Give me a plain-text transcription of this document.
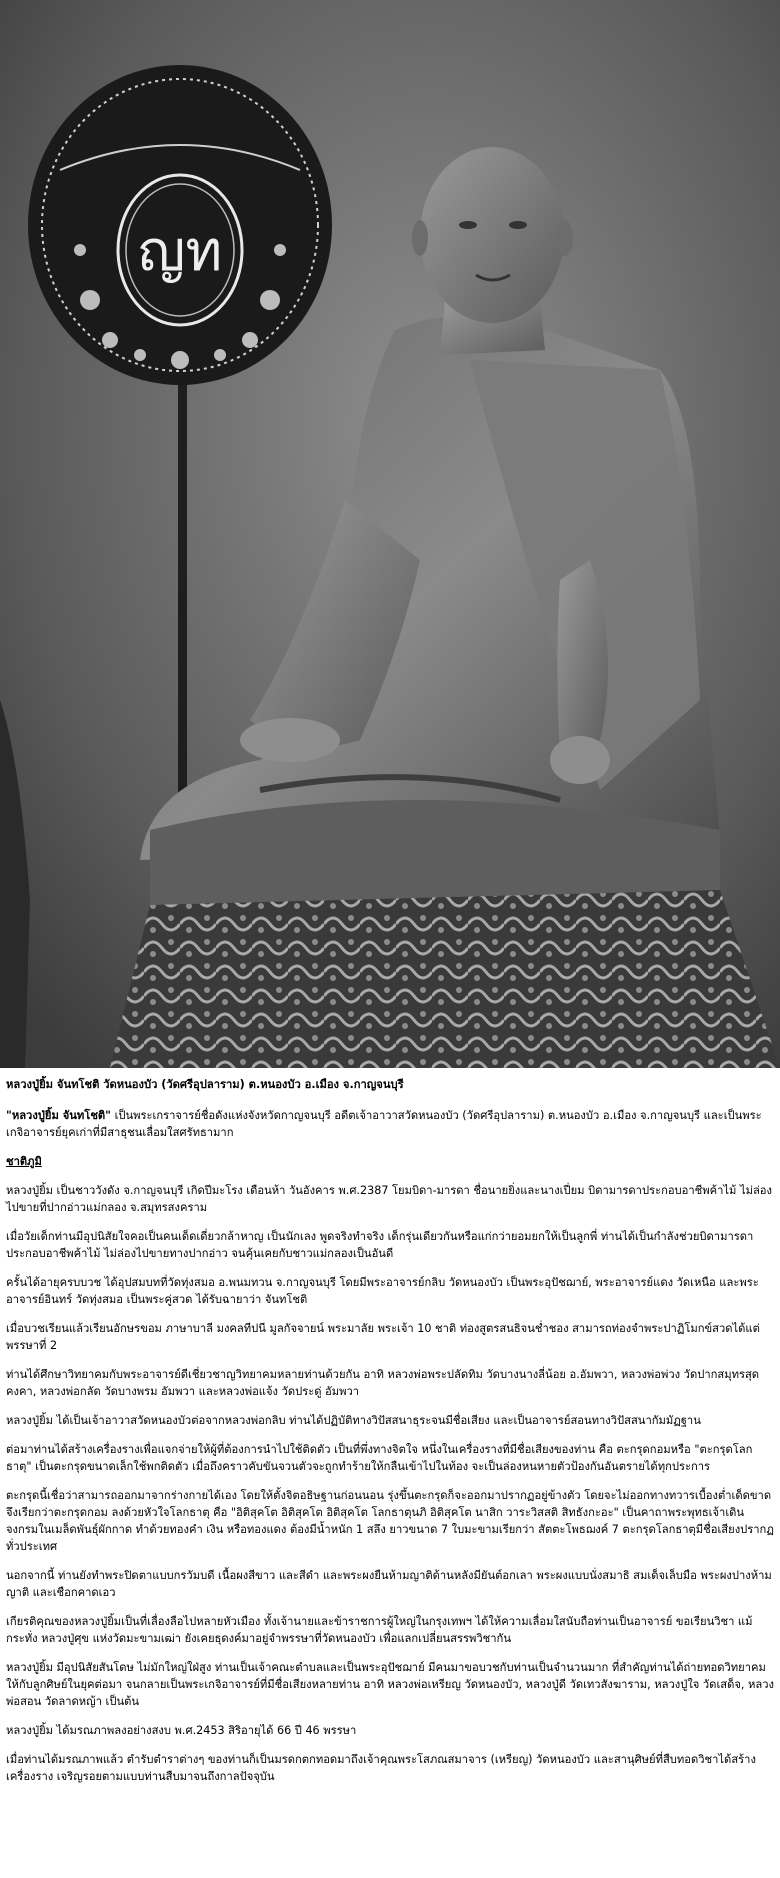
ญท

หลวงปู่ยิ้ม จันทโชติ วัดหนองบัว (วัดศรีอุปลาราม) ต.หนองบัว อ.เมือง จ.กาญจนบุรี

"หลวงปู่ยิ้ม จันทโชติ" เป็นพระเกราจารย์ชื่อดังแห่งจังหวัดกาญจนบุรี อดีตเจ้าอาวาสวัดหนองบัว (วัดศรีอุปลาราม) ต.หนองบัว อ.เมือง จ.กาญจนบุรี และเป็นพระเกจิอาจารย์ยุคเก่าที่มีสาธุชนเลื่อมใสศรัทธามาก

ชาติภูมิ

หลวงปู่ยิ้ม เป็นชาววังดัง จ.กาญจนบุรี เกิดปีมะโรง เดือนห้า วันอังคาร พ.ศ.2387 โยมบิดา-มารดา ชื่อนายยิ่งและนางเปี่ยม บิดามารดาประกอบอาชีพค้าไม้ ไม่ล่องไปขายที่ปากอ่าวแม่กลอง จ.สมุทรสงคราม

เมื่อวัยเด็กท่านมีอุปนิสัยใจคอเป็นคนเด็ดเดี่ยวกล้าหาญ เป็นนักเลง พูดจริงทำจริง เด็กรุ่นเดียวกันหรือแก่กว่ายอมยกให้เป็นลูกพี่ ท่านได้เป็นกำลังช่วยบิดามารดาประกอบอาชีพค้าไม้ ไม่ล่องไปขายทางปากอ่าว จนคุ้นเคยกับชาวแม่กลองเป็นอันดี

ครั้นได้อายุครบบวช ได้อุปสมบทที่วัดทุ่งสมอ อ.พนมทวน จ.กาญจนบุรี โดยมีพระอาจารย์กลิบ วัดหนองบัว เป็นพระอุปัชฌาย์, พระอาจารย์แดง วัดเหนือ และพระอาจารย์อินทร์ วัดทุ่งสมอ เป็นพระคู่สวด ได้รับฉายาว่า จันทโชติ

เมื่อบวชเรียนแล้วเรียนอักษรขอม ภาษาบาลี มงคลทีปนี มูลกัจจายน์ พระมาลัย พระเจ้า 10 ชาติ ท่องสูตรสนธิจนช่ำชอง สามารถท่องจำพระปาฏิโมกข์สวดได้แต่พรรษาที่ 2

ท่านได้ศึกษาวิทยาคมกับพระอาจารย์ดีเชี่ยวชาญวิทยาคมหลายท่านด้วยกัน อาทิ หลวงพ่อพระปลัดทิม วัดบางนางลี่น้อย อ.อัมพวา, หลวงพ่อพ่วง วัดปากสมุทรสุดคงคา, หลวงพ่อกลัด วัดบางพรม อัมพวา และหลวงพ่อแจ้ง วัดประดู่ อัมพวา

หลวงปู่ยิ้ม ได้เป็นเจ้าอาวาสวัดหนองบัวต่อจากหลวงพ่อกลิบ ท่านได้ปฏิบัติทางวิปัสสนาธุระจนมีชื่อเสียง และเป็นอาจารย์สอนทางวิปัสสนากัมมัฏฐาน

ต่อมาท่านได้สร้างเครื่องรางเพื่อแจกจ่ายให้ผู้ที่ต้องการนำไปใช้ติดตัว เป็นที่พึ่งทางจิตใจ หนึ่งในเครื่องรางที่มีชื่อเสียงของท่าน คือ ตะกรุดกอมหรือ "ตะกรุดโลกธาตุ" เป็นตะกรุดขนาดเล็กใช้พกติดตัว เมื่อถึงคราวคับขันจวนตัวจะถูกทำร้ายให้กลืนเข้าไปในท้อง จะเป็นล่องหนหายตัวป้องกันอันตรายได้ทุกประการ

ตะกรุดนี้เชื่อว่าสามารถออกมาจากร่างกายได้เอง โดยให้ตั้งจิตอธิษฐานก่อนนอน รุ่งขึ้นตะกรุดก็จะออกมาปรากฏอยู่ข้างตัว โดยจะไม่ออกทางทวารเบื้องต่ำเด็ดขาด จึงเรียกว่าตะกรุดกอม ลงด้วยหัวใจโลกธาตุ คือ "อิติสุคโต อิติสุคโต อิติสุคโต โลกธาตุนภิ อิติสุคโต นาสิก วาระวิสสติ สิทธังกะอะ" เป็นคาถาพระพุทธเจ้าเดินจงกรมในเมล็ดพันธุ์ผักกาด ทำด้วยทองคำ เงิน หรือทองแดง ต้องมีน้ำหนัก 1 สลึง ยาวขนาด 7 ใบมะขามเรียกว่า สัตตะโพธฌงค์ 7 ตะกรุดโลกธาตุมีชื่อเสียงปรากฏทั่วประเทศ

นอกจากนี้ ท่านยังทำพระปิดตาแบบกรวัมบดี เนื้อผงสีขาว และสีดำ และพระผงยืนห้ามญาติด้านหลังมียันต์อกเลา พระผงแบบนั่งสมาธิ สมเด็จเล็บมือ พระผงปางห้ามญาติ และเชือกคาดเอว

เกียรติคุณของหลวงปู่ยิ้มเป็นที่เลื่องลือไปหลายหัวเมือง ทั้งเจ้านายและข้าราชการผู้ใหญ่ในกรุงเทพฯ ได้ให้ความเลื่อมใสนับถือท่านเป็นอาจารย์ ขอเรียนวิชา แม้กระทั่ง หลวงปู่ศุข แห่งวัดมะขามเฒ่า ยังเคยธุดงค์มาอยู่จำพรรษาที่วัดหนองบัว เพื่อแลกเปลี่ยนสรรพวิชากัน

หลวงปู่ยิ้ม มีอุปนิสัยสันโดษ ไม่มักใหญ่ใฝ่สูง ท่านเป็นเจ้าคณะตำบลและเป็นพระอุปัชฌาย์ มีคนมาขอบวชกับท่านเป็นจำนวนมาก ที่สำคัญท่านได้ถ่ายทอดวิทยาคมให้กับลูกศิษย์ในยุคต่อมา จนกลายเป็นพระเกจิอาจารย์ที่มีชื่อเสียงหลายท่าน อาทิ หลวงพ่อเหรียญ วัดหนองบัว, หลวงปู่ดี วัดเทวสังฆาราม, หลวงปู่ใจ วัดเสด็จ, หลวงพ่อสอน วัดลาดหญ้า เป็นต้น

หลวงปู่ยิ้ม ได้มรณภาพลงอย่างสงบ พ.ศ.2453 สิริอายุได้ 66 ปี 46 พรรษา

เมื่อท่านได้มรณภาพแล้ว ตำรับตำราต่างๆ ของท่านก็เป็นมรดกตกทอดมาถึงเจ้าคุณพระโสภณสมาจาร (เหรียญ) วัดหนองบัว และสานุศิษย์ที่สืบทอดวิชาได้สร้างเครื่องราง เจริญรอยตามแบบท่านสืบมาจนถึงกาลปัจจุบัน
